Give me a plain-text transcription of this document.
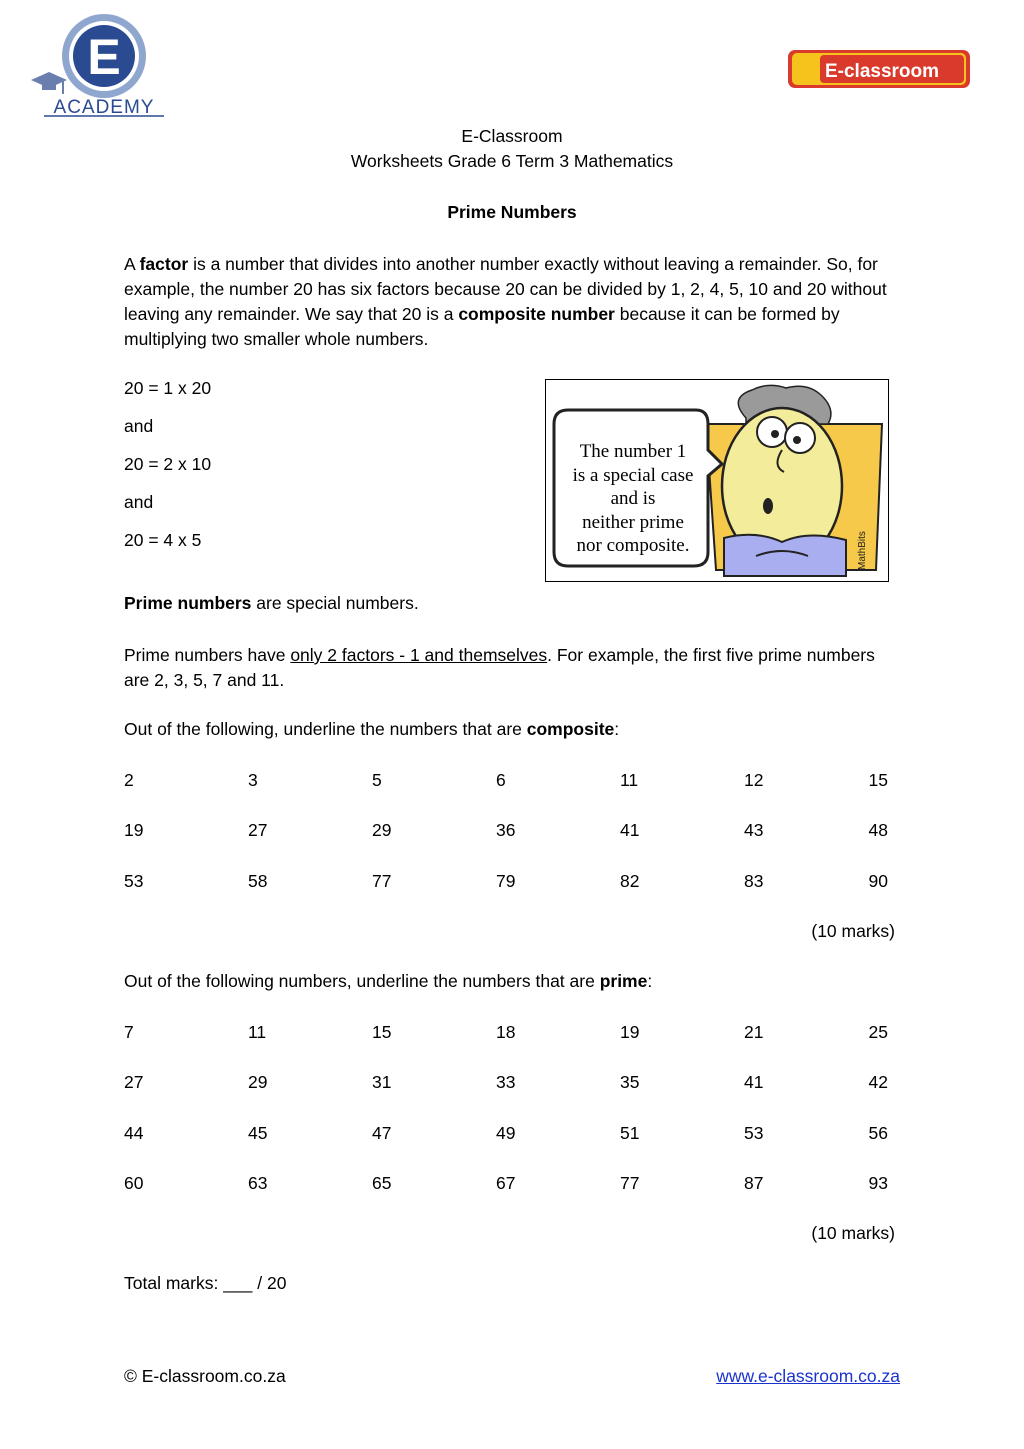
E
ACADEMY
E-classroom
E-Classroom
Worksheets Grade 6 Term 3 Mathematics
Prime Numbers
A factor is a number that divides into another number exactly without leaving a remainder. So, for example, the number 20 has six factors because 20 can be divided by 1, 2, 4, 5, 10 and 20 without leaving any remainder. We say that 20 is a composite number because it can be formed by multiplying two smaller whole numbers.
20 = 1 x 20
and
20 = 2 x 10
and
20 = 4 x 5	MathBits
The number 1
is a special case
and is
neither prime
nor composite.
Prime numbers are special numbers.
Prime numbers have only 2 factors - 1 and themselves. For example, the first five prime numbers are 2, 3, 5, 7 and 11.
Out of the following, underline the numbers that are composite:
2	3	5	6	11	12	15
19	27	29	36	41	43	48
53	58	77	79	82	83	90
(10 marks)
Out of the following numbers, underline the numbers that are prime:
7	11	15	18	19	21	25
27	29	31	33	35	41	42
44	45	47	49	51	53	56
60	63	65	67	77	87	93
(10 marks)
Total marks: ___ / 20
© E-classroom.co.za	www.e-classroom.co.za
